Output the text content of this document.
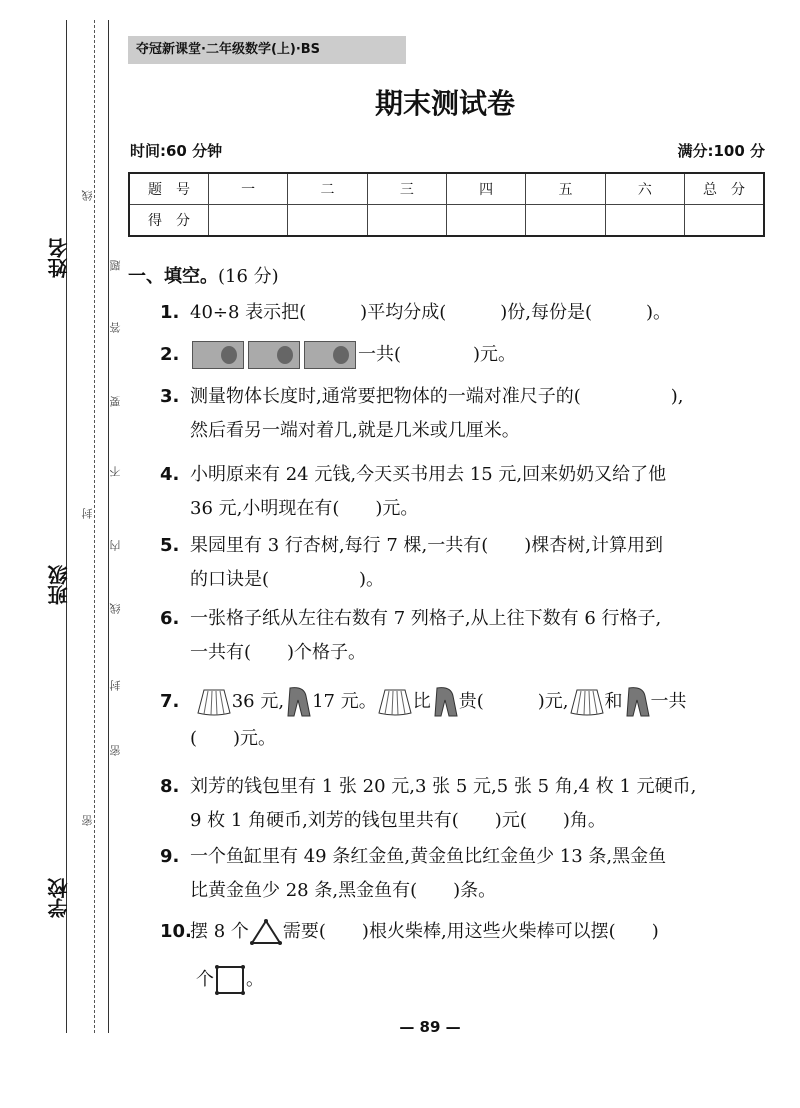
姓名
班级
学校
密
封
线
密
封
线
内
不
要
答
题
夺冠新课堂·二年级数学(上)·BS
期末测试卷
时间:60 分钟	满分:100 分
题　号	一	二	三	四	五	六	总　分
得　分							
一、填空。(16 分)
1. 40÷8 表示把(　　　)平均分成(　　　)份,每份是(　　　)。
2.	一共(　　　　)元。
3. 测量物体长度时,通常要把物体的一端对准尺子的(　　　　　),
然后看另一端对着几,就是几米或几厘米。
4. 小明原来有 24 元钱,今天买书用去 15 元,回来奶奶又给了他
36 元,小明现在有(　　)元。
5. 果园里有 3 行杏树,每行 7 棵,一共有(　　)棵杏树,计算用到
的口诀是(　　　　　)。
6. 一张格子纸从左往右数有 7 列格子,从上往下数有 6 行格子,
一共有(　　)个格子。
7.	36 元, 17 元。 比 贵(　　　)元, 和 一共
(　　)元。
8. 刘芳的钱包里有 1 张 20 元,3 张 5 元,5 张 5 角,4 枚 1 元硬币,
9 枚 1 角硬币,刘芳的钱包里共有(　　)元(　　)角。
9. 一个鱼缸里有 49 条红金鱼,黄金鱼比红金鱼少 13 条,黑金鱼
比黄金鱼少 28 条,黑金鱼有(　　)条。
10.摆 8 个 需要(　　)根火柴棒,用这些火柴棒可以摆(　　)
个 。
— 89 —
